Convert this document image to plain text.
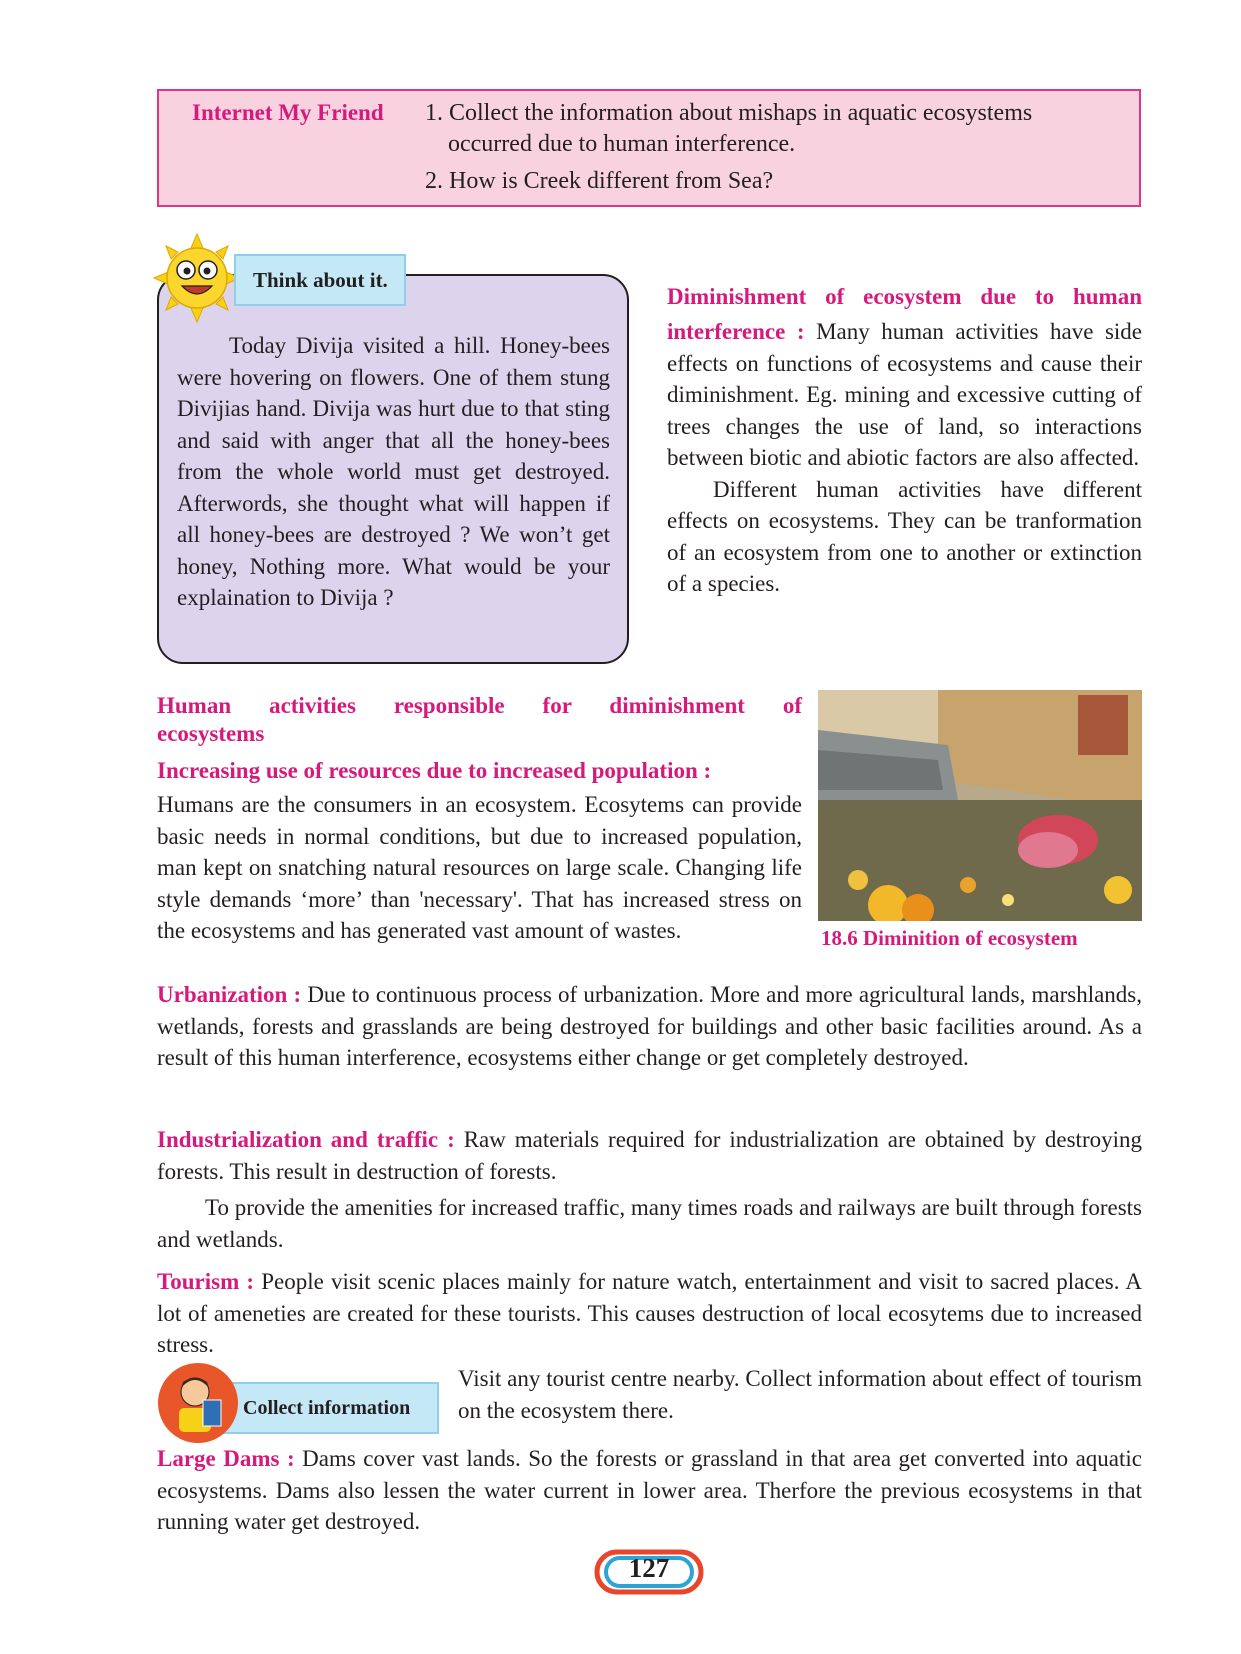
Internet My Friend 1. Collect the information about mishaps in aquatic ecosystems occurred due to human interference.
2. How is Creek different from Sea?
Think about it.

Today Divija visited a hill. Honey-bees were hovering on flowers. One of them stung Divijias hand. Divija was hurt due to that sting and said with anger that all the honey-bees from the whole world must get destroyed. Afterwords, she thought what will happen if all honey-bees are destroyed ? We won’t get honey, Nothing more. What would be your explaination to Divija ?

Diminishment of ecosystem due to human

interference : Many human activities have side effects on functions of ecosystems and cause their diminishment. Eg. mining and excessive cutting of trees changes the use of land, so interactions between biotic and abiotic factors are also affected.

Different human activities have different effects on ecosystems. They can be tranformation of an ecosystem from one to another or extinction of a species.

Human activities responsible for diminishment of
ecosystems
Increasing use of resources due to increased population :
Humans are the consumers in an ecosystem. Ecosytems can provide basic needs in normal conditions, but due to increased population, man kept on snatching natural resources on large scale. Changing life style demands ‘more’ than 'necessary'. That has increased stress on the ecosystems and has generated vast amount of wastes.	18.6 Diminition of ecosystem
Urbanization : Due to continuous process of urbanization. More and more agricultural lands, marshlands, wetlands, forests and grasslands are being destroyed for buildings and other basic facilities around. As a result of this human interference, ecosystems either change or get completely destroyed.
Industrialization and traffic : Raw materials required for industrialization are obtained by destroying forests. This result in destruction of forests.
To provide the amenities for increased traffic, many times roads and railways are built through forests and wetlands.
Tourism : People visit scenic places mainly for nature watch, entertainment and visit to sacred places. A lot of ameneties are created for these tourists. This causes destruction of local ecosytems due to increased stress.
Collect information
Visit any tourist centre nearby. Collect information about effect of tourism on the ecosystem there.
Large Dams : Dams cover vast lands. So the forests or grassland in that area get converted into aquatic ecosystems. Dams also lessen the water current in lower area. Therfore the previous ecosystems in that running water get destroyed.
127
